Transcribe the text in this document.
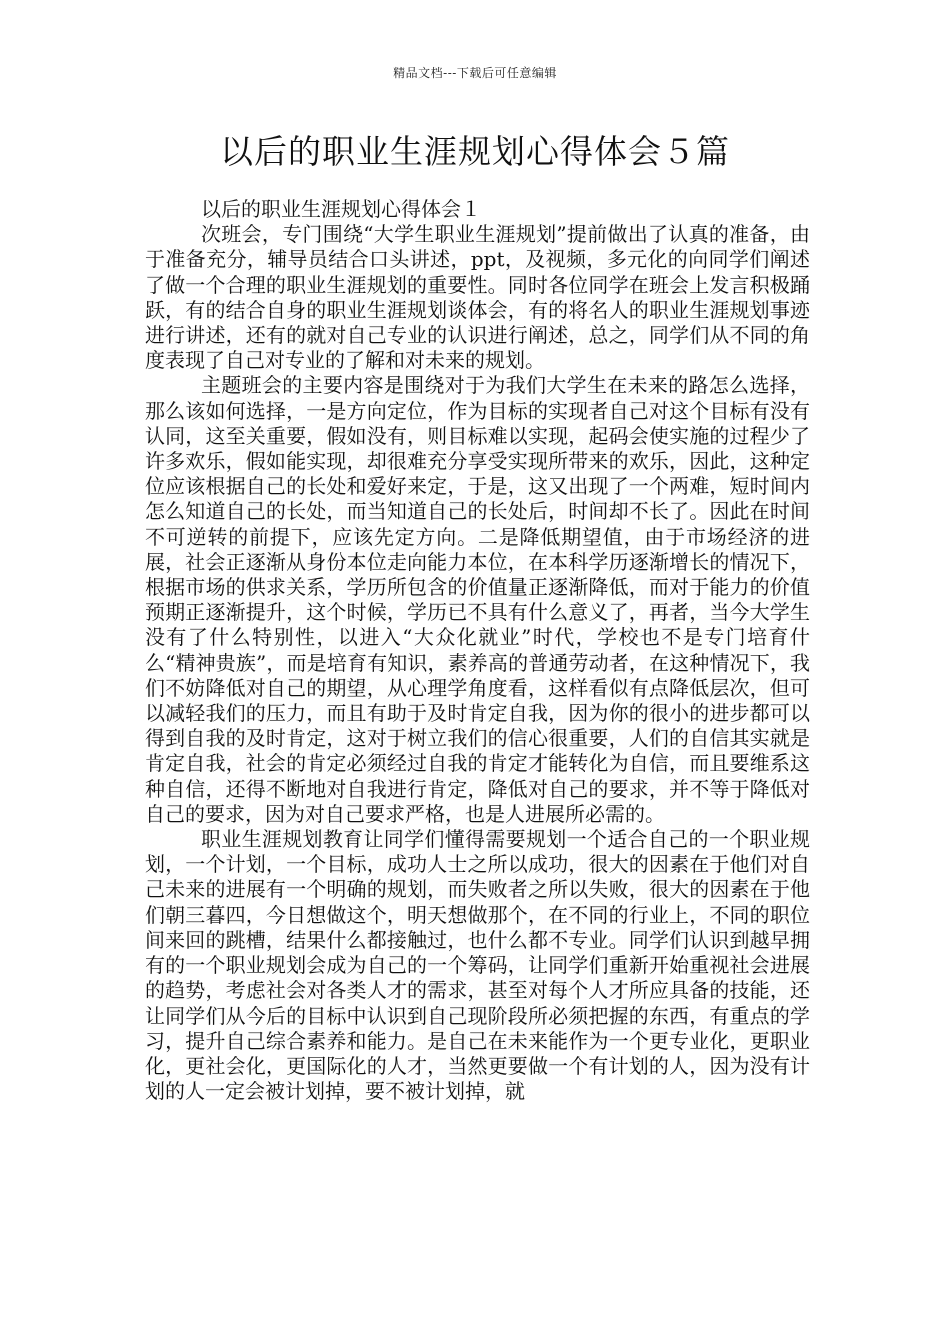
精品文档---下载后可任意编辑
以后的职业生涯规划心得体会５篇
以后的职业生涯规划心得体会１

次班会，专门围绕“大学生职业生涯规划”提前做出了认真的准备，由于准备充分，辅导员结合口头讲述，ppt，及视频，多元化的向同学们阐述了做一个合理的职业生涯规划的重要性。同时各位同学在班会上发言积极踊跃，有的结合自身的职业生涯规划谈体会，有的将名人的职业生涯规划事迹进行讲述，还有的就对自己专业的认识进行阐述，总之，同学们从不同的角度表现了自己对专业的了解和对未来的规划。

主题班会的主要内容是围绕对于为我们大学生在未来的路怎么选择，那么该如何选择，一是方向定位，作为目标的实现者自己对这个目标有没有认同，这至关重要，假如没有，则目标难以实现，起码会使实施的过程少了许多欢乐，假如能实现，却很难充分享受实现所带来的欢乐，因此，这种定位应该根据自己的长处和爱好来定，于是，这又出现了一个两难，短时间内怎么知道自己的长处，而当知道自己的长处后，时间却不长了。因此在时间不可逆转的前提下，应该先定方向。二是降低期望值，由于市场经济的进展，社会正逐渐从身份本位走向能力本位，在本科学历逐渐增长的情况下，根据市场的供求关系，学历所包含的价值量正逐渐降低，而对于能力的价值预期正逐渐提升，这个时候，学历已不具有什么意义了，再者，当今大学生没有了什么特别性，以进入“大众化就业”时代，学校也不是专门培育什么“精神贵族”，而是培育有知识，素养高的普通劳动者，在这种情况下，我们不妨降低对自己的期望，从心理学角度看，这样看似有点降低层次，但可以减轻我们的压力，而且有助于及时肯定自我，因为你的很小的进步都可以得到自我的及时肯定，这对于树立我们的信心很重要，人们的自信其实就是肯定自我，社会的肯定必须经过自我的肯定才能转化为自信，而且要维系这种自信，还得不断地对自我进行肯定，降低对自己的要求，并不等于降低对自己的要求，因为对自己要求严格，也是人进展所必需的。

职业生涯规划教育让同学们懂得需要规划一个适合自己的一个职业规划，一个计划，一个目标，成功人士之所以成功，很大的因素在于他们对自己未来的进展有一个明确的规划，而失败者之所以失败，很大的因素在于他们朝三暮四，今日想做这个，明天想做那个，在不同的行业上，不同的职位间来回的跳槽，结果什么都接触过，也什么都不专业。同学们认识到越早拥有的一个职业规划会成为自己的一个筹码，让同学们重新开始重视社会进展的趋势，考虑社会对各类人才的需求，甚至对每个人才所应具备的技能，还让同学们从今后的目标中认识到自己现阶段所必须把握的东西，有重点的学习，提升自己综合素养和能力。是自己在未来能作为一个更专业化，更职业化，更社会化，更国际化的人才，当然更要做一个有计划的人，因为没有计划的人一定会被计划掉，要不被计划掉，就
